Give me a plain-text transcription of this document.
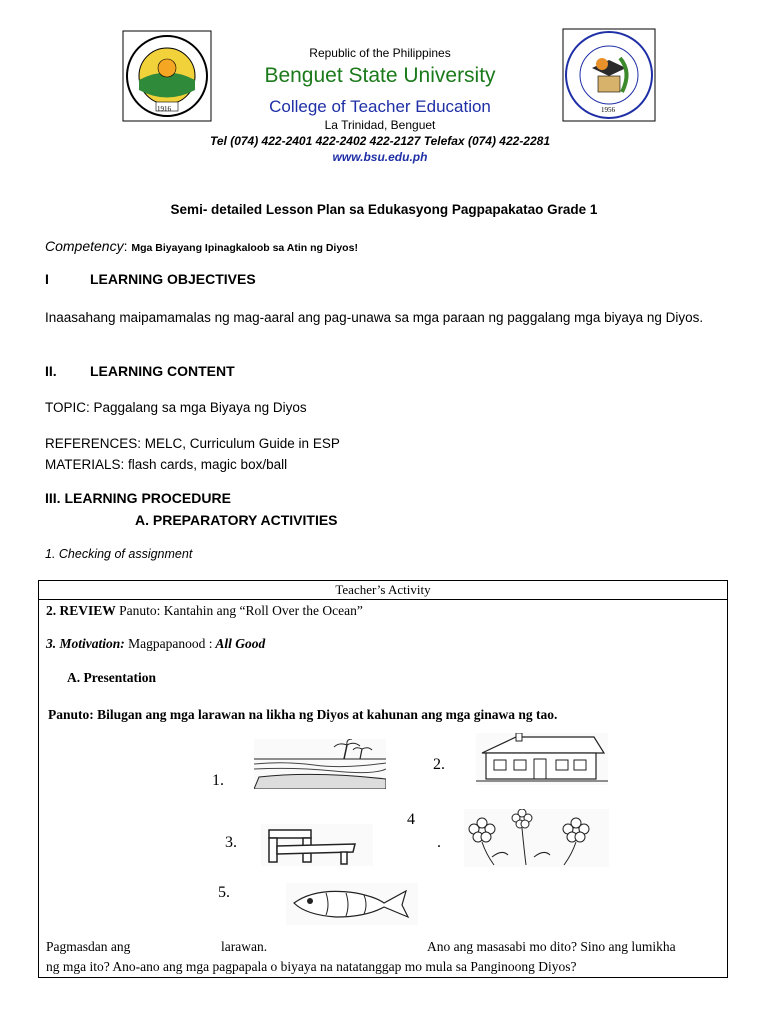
1916	1956
Republic of the Philippines
Benguet State University
College of Teacher Education
La Trinidad, Benguet
Tel (074) 422-2401 422-2402 422-2127 Telefax (074) 422-2281
www.bsu.edu.ph
Semi- detailed Lesson Plan sa Edukasyong Pagpapakatao Grade 1
Competency: Mga Biyayang Ipinagkaloob sa Atin ng Diyos!
I	LEARNING OBJECTIVES
Inaasahang maipamamalas ng mag-aaral ang pag-unawa sa mga paraan ng paggalang mga biyaya ng Diyos.
II. LEARNING CONTENT
TOPIC: Paggalang sa mga Biyaya ng Diyos
REFERENCES: MELC, Curriculum Guide in ESP
MATERIALS: flash cards, magic box/ball
III. LEARNING PROCEDURE
A. PREPARATORY ACTIVITIES
1. Checking of assignment
Teacher’s Activity
2. REVIEW Panuto: Kantahin ang “Roll Over the Ocean”
3. Motivation: Magpapanood : All Good
A. Presentation
Panuto: Bilugan ang mga larawan na likha ng Diyos at kahunan ang mga ginawa ng tao.
1.
2.
3.
4
.
5.
Pagmasdan ang	larawan.	Ano ang masasabi mo dito? Sino ang lumikha
ng mga ito? Ano-ano ang mga pagpapala o biyaya na natatanggap mo mula sa Panginoong Diyos?
